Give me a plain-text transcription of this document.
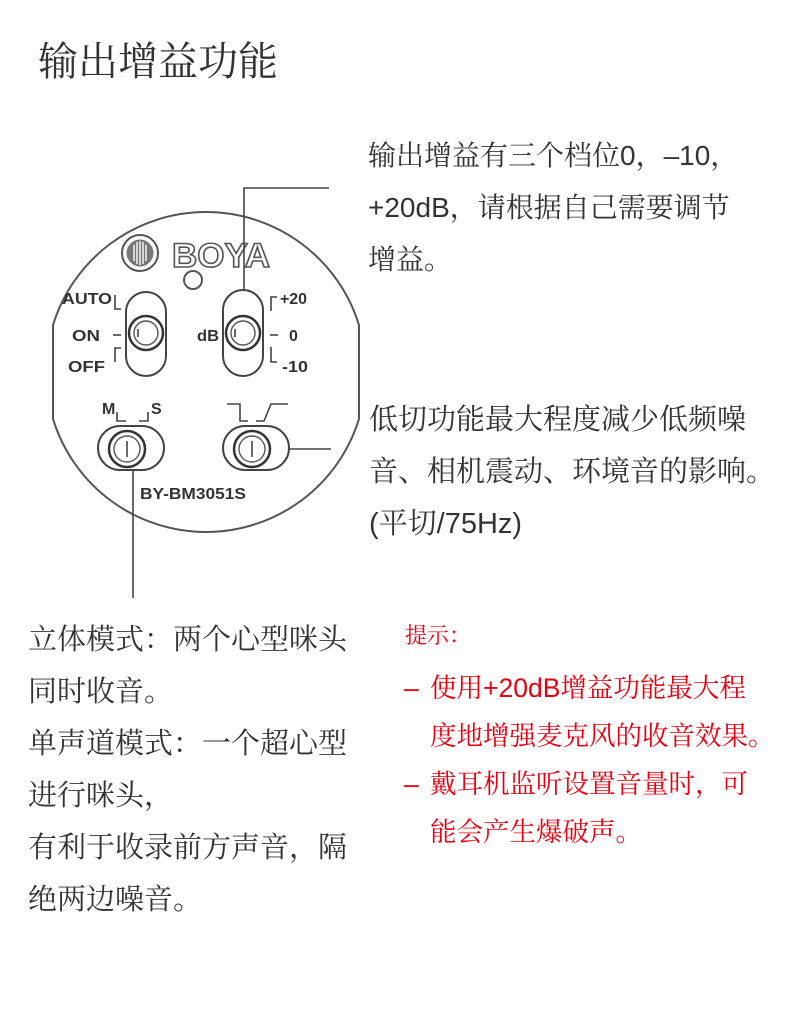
输出增益功能
BOYA
AUTO
ON
OFF
dB
+20
0
-10
M S
BY-BM3051S
输出增益有三个档位0，–10，
+20dB，请根据自己需要调节
增益。
低切功能最大程度减少低频噪
音、相机震动、环境音的影响。
(平切/75Hz)
立体模式：两个心型咪头
同时收音。
单声道模式：一个超心型
进行咪头，
有利于收录前方声音，隔
绝两边噪音。
提示：
– 使用+20dB增益功能最大程
度地增强麦克风的收音效果。
– 戴耳机监听设置音量时，可
能会产生爆破声。
